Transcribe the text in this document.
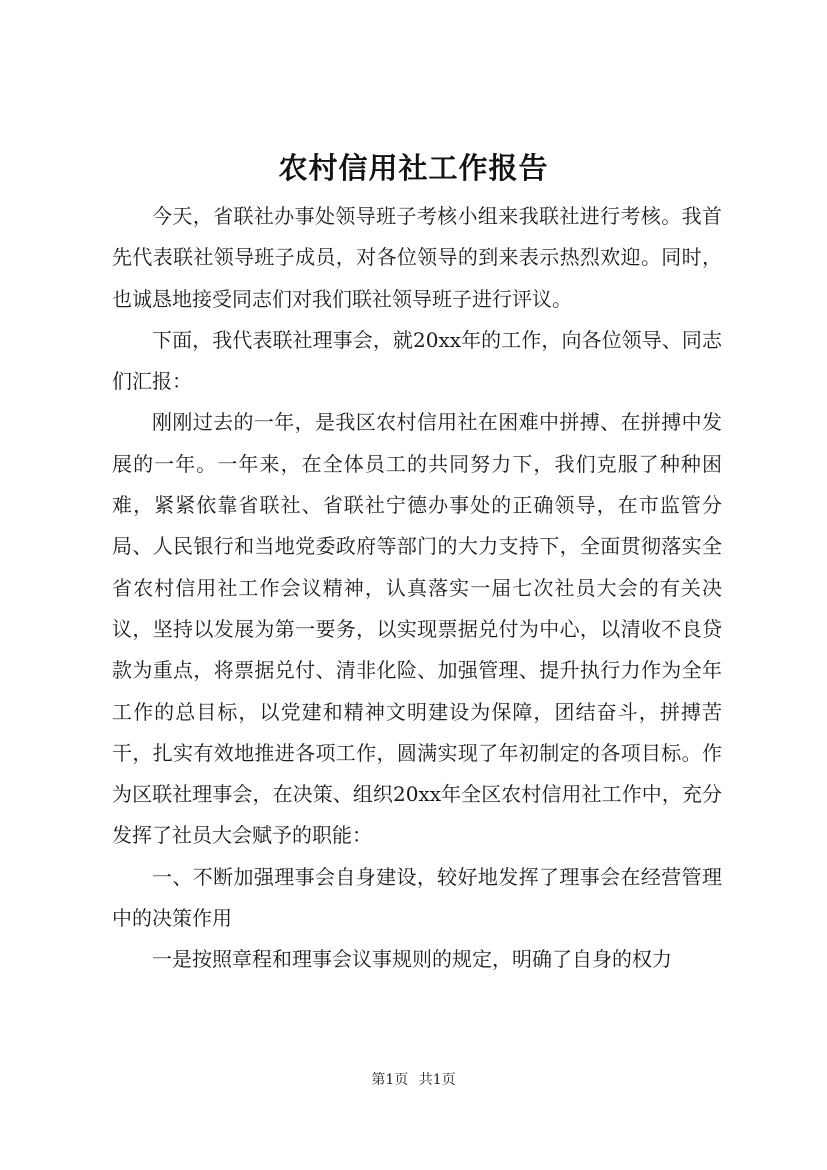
农村信用社工作报告

今天，省联社办事处领导班子考核小组来我联社进行考核。我首先代表联社领导班子成员，对各位领导的到来表示热烈欢迎。同时，也诚恳地接受同志们对我们联社领导班子进行评议。

下面，我代表联社理事会，就20xx年的工作，向各位领导、同志们汇报：

刚刚过去的一年，是我区农村信用社在困难中拼搏、在拼搏中发展的一年。一年来，在全体员工的共同努力下，我们克服了种种困难，紧紧依靠省联社、省联社宁德办事处的正确领导，在市监管分局、人民银行和当地党委政府等部门的大力支持下，全面贯彻落实全省农村信用社工作会议精神，认真落实一届七次社员大会的有关决议，坚持以发展为第一要务，以实现票据兑付为中心，以清收不良贷款为重点，将票据兑付、清非化险、加强管理、提升执行力作为全年工作的总目标，以党建和精神文明建设为保障，团结奋斗，拼搏苦干，扎实有效地推进各项工作，圆满实现了年初制定的各项目标。作为区联社理事会，在决策、组织20xx年全区农村信用社工作中，充分发挥了社员大会赋予的职能：

一、不断加强理事会自身建设，较好地发挥了理事会在经营管理中的决策作用

一是按照章程和理事会议事规则的规定，明确了自身的权力

第1页 共1页
